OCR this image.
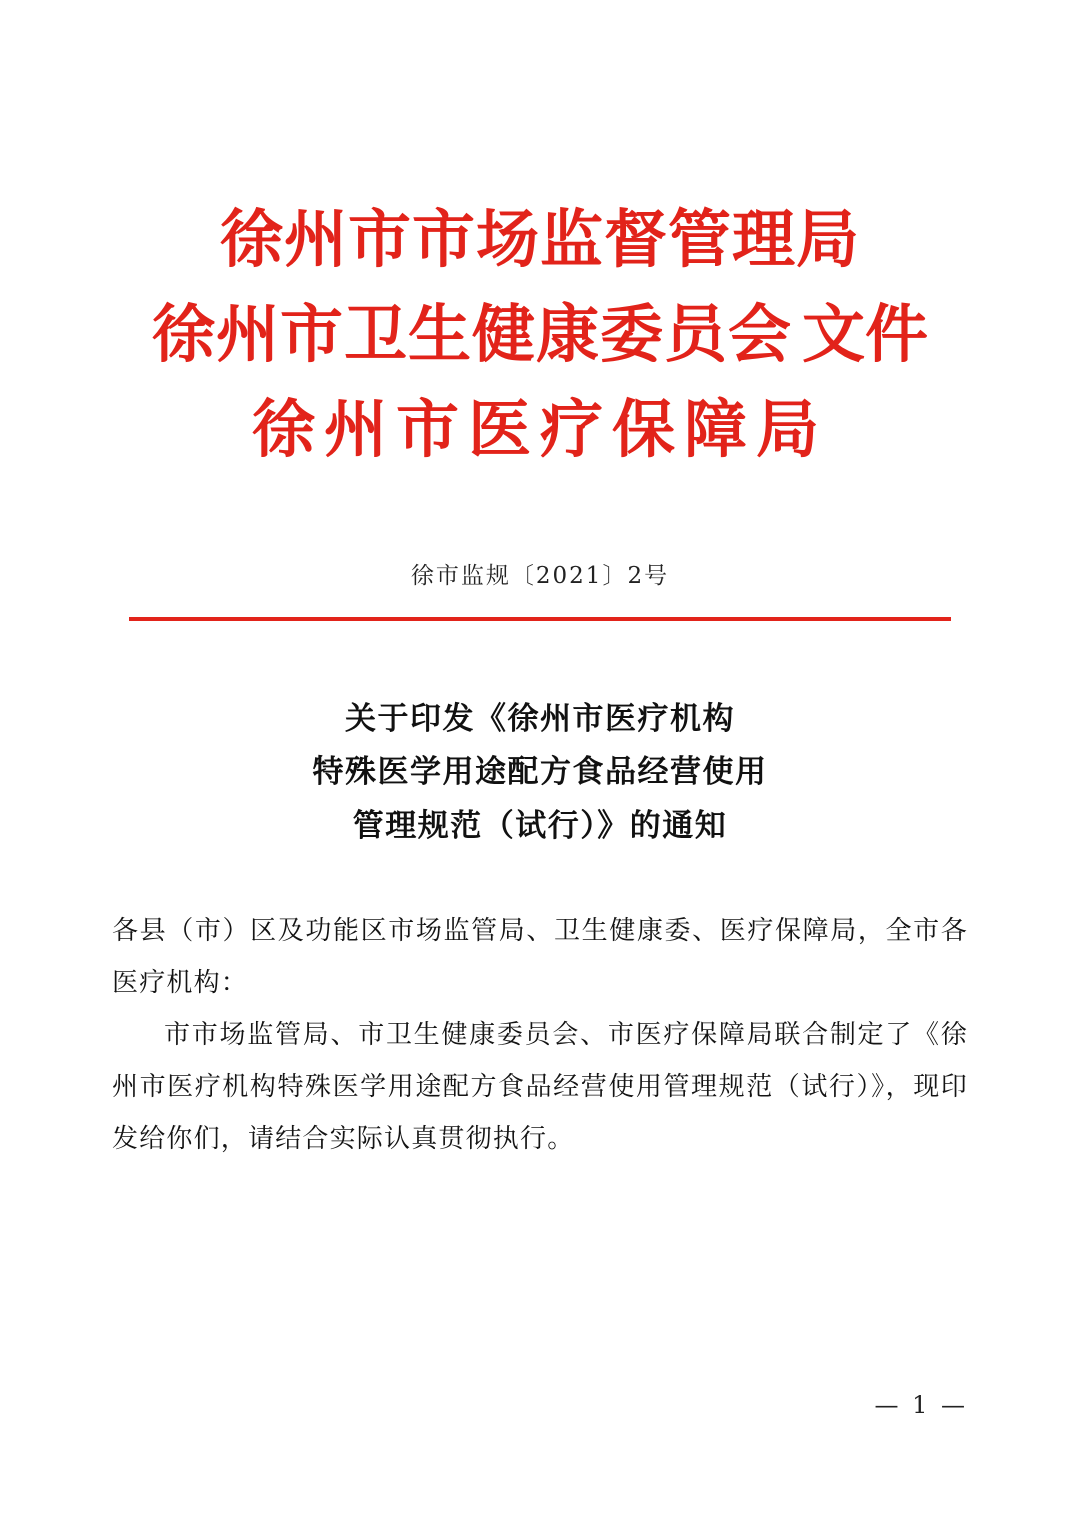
徐州市市场监督管理局
徐州市卫生健康委员会 文件
徐州市医疗保障局
徐市监规〔2021〕2号
关于印发《徐州市医疗机构
特殊医学用途配方食品经营使用
管理规范（试行）》的通知

各县（市）区及功能区市场监管局、卫生健康委、医疗保障局，全市各医疗机构：

市市场监管局、市卫生健康委员会、市医疗保障局联合制定了《徐州市医疗机构特殊医学用途配方食品经营使用管理规范（试行）》，现印发给你们，请结合实际认真贯彻执行。

— 1 —
